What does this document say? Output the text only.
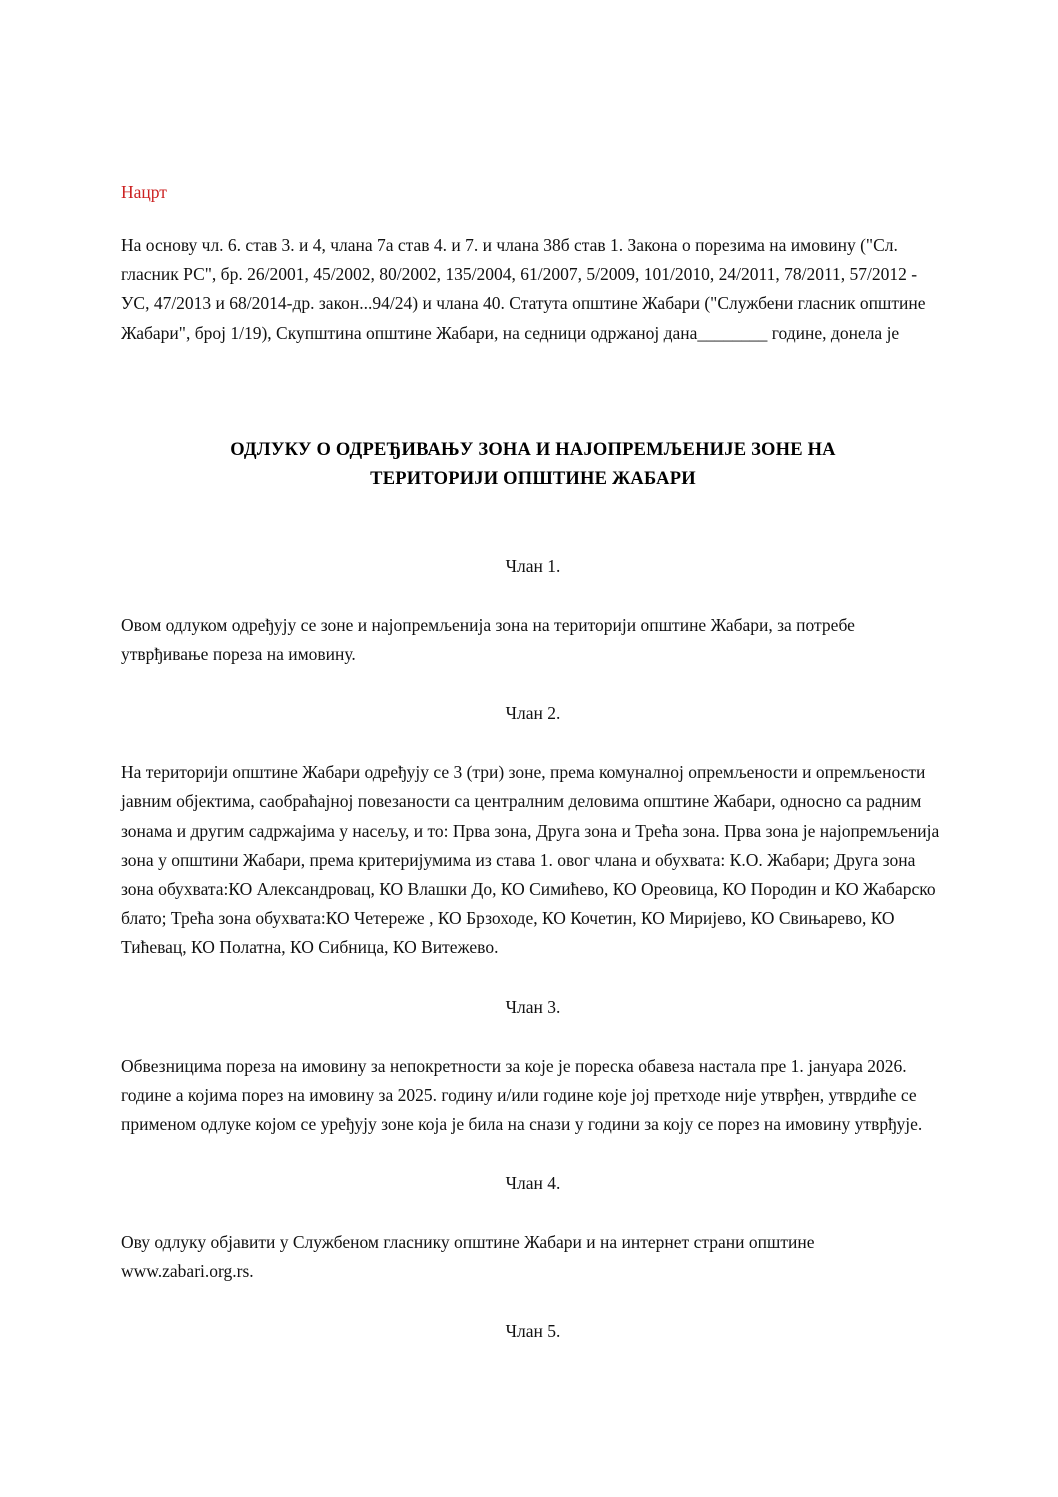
Нацрт

На основу чл. 6. став 3. и 4, члана 7а став 4. и 7. и члана 38б став 1. Закона о порезима на имовину ("Сл. гласник РС", бр. 26/2001, 45/2002, 80/2002, 135/2004, 61/2007, 5/2009, 101/2010, 24/2011, 78/2011, 57/2012 - УС, 47/2013 и 68/2014-др. закон...94/24) и члана 40. Статута општине Жабари ("Службени гласник општине Жабари", број 1/19), Скупштина општине Жабари, на седници одржаној дана________ године, донела је

ОДЛУКУ О ОДРЕЂИВАЊУ ЗОНА И НАЈОПРЕМЉЕНИЈЕ ЗОНЕ НА
ТЕРИТОРИЈИ ОПШТИНЕ ЖАБАРИ
Члан 1.

Овом одлуком одређују се зоне и најопремљенија зона на територији општине Жабари, за потребе утврђивање пореза на имовину.

Члан 2.

На територији општине Жабари одређују се 3 (три) зоне, према комуналној опремљености и опремљености јавним објектима, саобраћајној повезаности са централним деловима општине Жабари, односно са радним зонама и другим садржајима у насељу, и то: Прва зона, Друга зона и Трећа зона. Прва зона је најопремљенија зона у општини Жабари, према критеријумима из става 1. овог члана и обухвата: К.О. Жабари; Друга зона зона обухвата:КО Александровац, КО Влашки До, КО Симићево, КО Ореовица, КО Породин и КО Жабарско блато; Трећа зона обухвата:КО Четереже , КО Брзоходе, КО Кочетин, КО Миријево, КО Свињарево, КО Тићевац, КО Полатна, КО Сибница, КО Витежево.

Члан 3.

Обвезницима пореза на имовину за непокретности за које је пореска обавеза настала пре 1. јануара 2026. године а којима порез на имовину за 2025. годину и/или године које јој претходе није утврђен, утврдиће се применом одлуке којом се уређују зоне која је била на снази у години за коју се порез на имовину утврђује.

Члан 4.

Ову одлуку објавити у Службеном гласнику општине Жабари и на интернет страни општине www.zabari.org.rs.

Члан 5.
